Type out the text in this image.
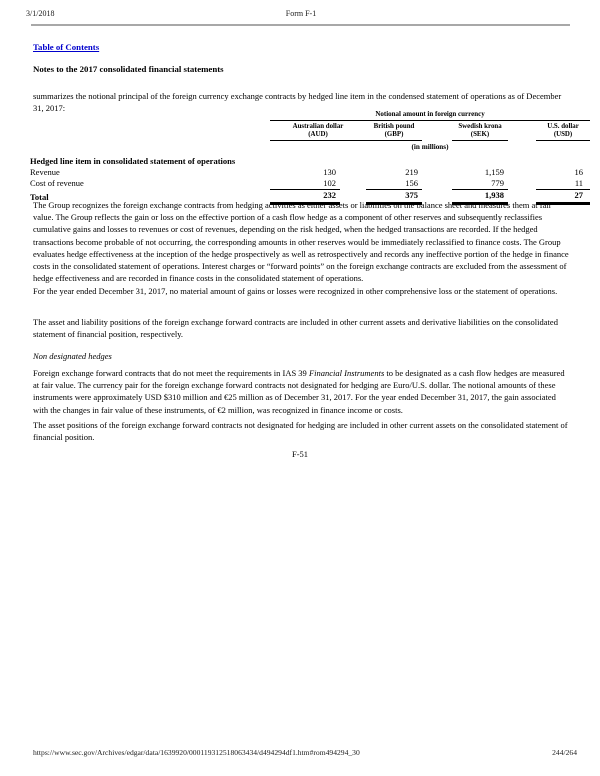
3/1/2018	Form F-1
Table of Contents
Notes to the 2017 consolidated financial statements

summarizes the notional principal of the foreign currency exchange contracts by hedged line item in the condensed statement of operations as of December 31, 2017:

	Notional amount in foreign currency						
	Australian dollar
(AUD)		British pound
(GBP)		Swedish krona
(SEK)		U.S. dollar
(USD)
	(in millions)						
Hedged line item in consolidated statement of operations							
Revenue	130		219		1,159		16
Cost of revenue	102		156		779		11
Total	232		375		1,938		27

The Group recognizes the foreign exchange contracts from hedging activities as either assets or liabilities on the balance sheet and measures them at fair value. The Group reflects the gain or loss on the effective portion of a cash flow hedge as a component of other reserves and subsequently reclassifies cumulative gains and losses to revenues or cost of revenues, depending on the risk hedged, when the hedged transactions are recorded. If the hedged transactions become probable of not occurring, the corresponding amounts in other reserves would be immediately reclassified to finance costs. The Group evaluates hedge effectiveness at the inception of the hedge prospectively as well as retrospectively and records any ineffective portion of the hedge in finance costs in the consolidated statement of operations. Interest charges or “forward points” on the foreign exchange contracts are excluded from the assessment of hedge effectiveness and are recorded in finance costs in the consolidated statement of operations.

For the year ended December 31, 2017, no material amount of gains or losses were recognized in other comprehensive loss or the statement of operations.

The asset and liability positions of the foreign exchange forward contracts are included in other current assets and derivative liabilities on the consolidated statement of financial position, respectively.

Non designated hedges

Foreign exchange forward contracts that do not meet the requirements in IAS 39 Financial Instruments to be designated as a cash flow hedges are measured at fair value. The currency pair for the foreign exchange forward contracts not designated for hedging are Euro/U.S. dollar. The notional amounts of these instruments were approximately USD $310 million and €25 million as of December 31, 2017. For the year ended December 31, 2017, the gain associated with the changes in fair value of these instruments, of €2 million, was recognized in finance income or costs.

The asset positions of the foreign exchange forward contracts not designated for hedging are included in other current assets on the consolidated statement of financial position.

F-51
https://www.sec.gov/Archives/edgar/data/1639920/000119312518063434/d494294df1.htm#rom494294_30	244/264
